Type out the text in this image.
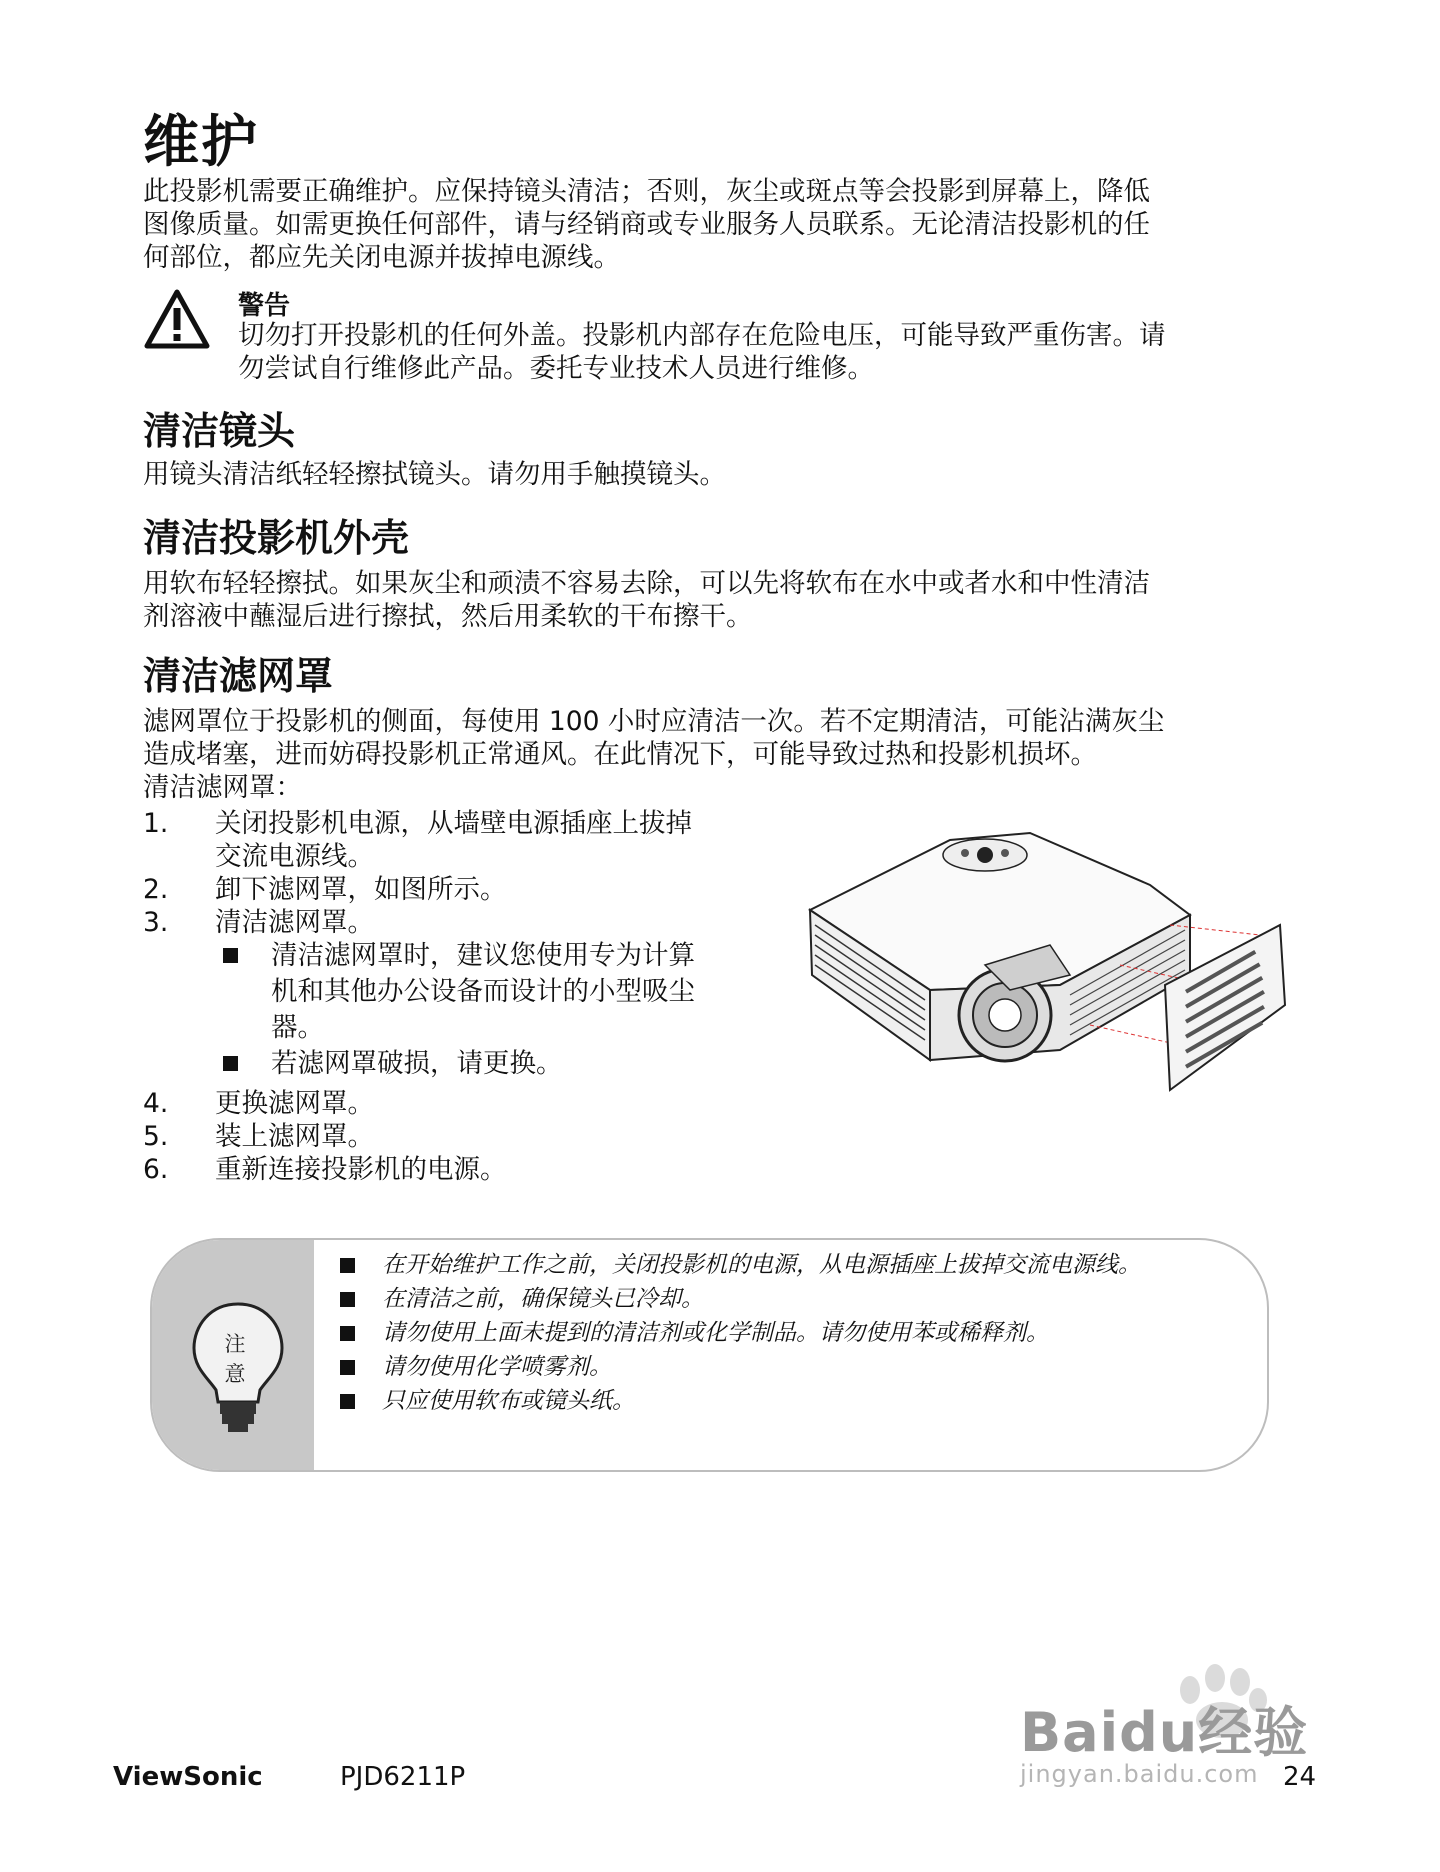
维护

此投影机需要正确维护。应保持镜头清洁；否则，灰尘或斑点等会投影到屏幕上，降低
图像质量。如需更换任何部件，请与经销商或专业服务人员联系。无论清洁投影机的任
何部位，都应先关闭电源并拔掉电源线。

警告
切勿打开投影机的任何外盖。投影机内部存在危险电压，可能导致严重伤害。请
勿尝试自行维修此产品。委托专业技术人员进行维修。
清洁镜头

用镜头清洁纸轻轻擦拭镜头。请勿用手触摸镜头。

清洁投影机外壳

用软布轻轻擦拭。如果灰尘和顽渍不容易去除，可以先将软布在水中或者水和中性清洁
剂溶液中蘸湿后进行擦拭，然后用柔软的干布擦干。

清洁滤网罩

滤网罩位于投影机的侧面，每使用 100 小时应清洁一次。若不定期清洁，可能沾满灰尘
造成堵塞，进而妨碍投影机正常通风。在此情况下，可能导致过热和投影机损坏。
清洁滤网罩：

1.	关闭投影机电源，从墙壁电源插座上拔掉
交流电源线。
2.	卸下滤网罩，如图所示。
3.	清洁滤网罩。
清洁滤网罩时，建议您使用专为计算
机和其他办公设备而设计的小型吸尘
器。
若滤网罩破损，请更换。
4.	更换滤网罩。
5.	装上滤网罩。
6.	重新连接投影机的电源。
注 意
在开始维护工作之前，关闭投影机的电源，从电源插座上拔掉交流电源线。
在清洁之前，确保镜头已冷却。
请勿使用上面未提到的清洁剂或化学制品。请勿使用苯或稀释剂。
请勿使用化学喷雾剂。
只应使用软布或镜头纸。
Baidu经验
jingyan.baidu.com
ViewSonic	PJD6211P	24
